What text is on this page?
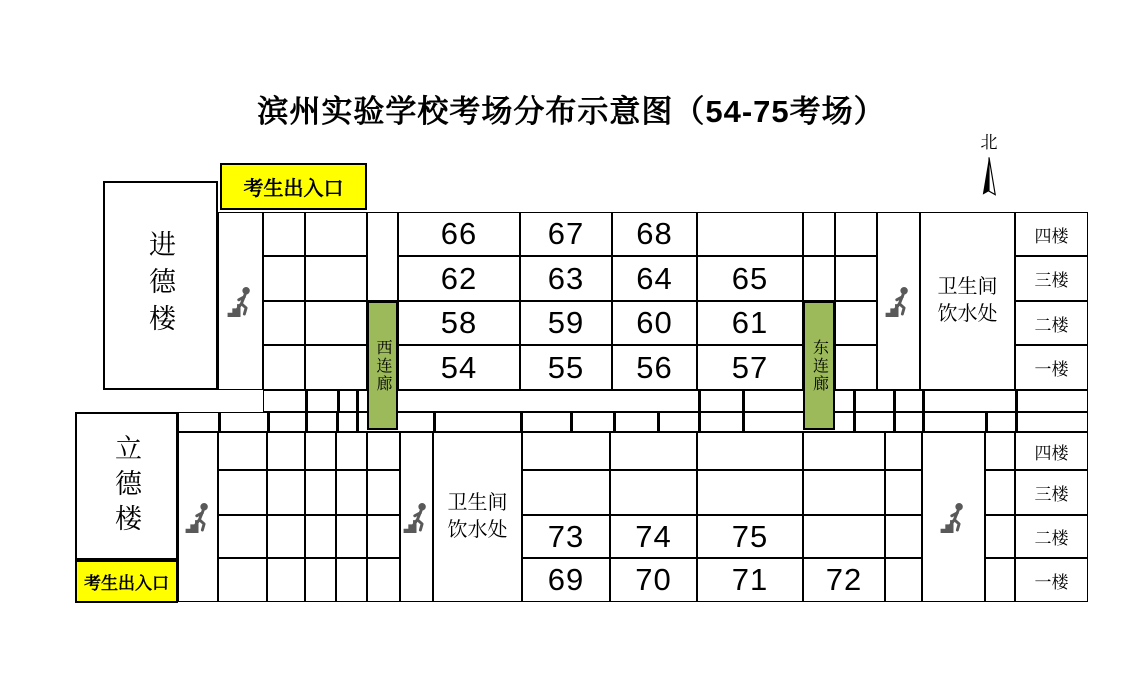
滨州实验学校考场分布示意图（54-75考场）
北
进德楼
考生出入口
66	67	68
62	63	64	65
58	59	60	61
54	55	56	57
卫生间
饮水处
四楼
三楼
二楼
一楼
西连廊	东连廊
立德楼
考生出入口
卫生间
饮水处	73	74	75
69	70	71	72
四楼
三楼
二楼
一楼
